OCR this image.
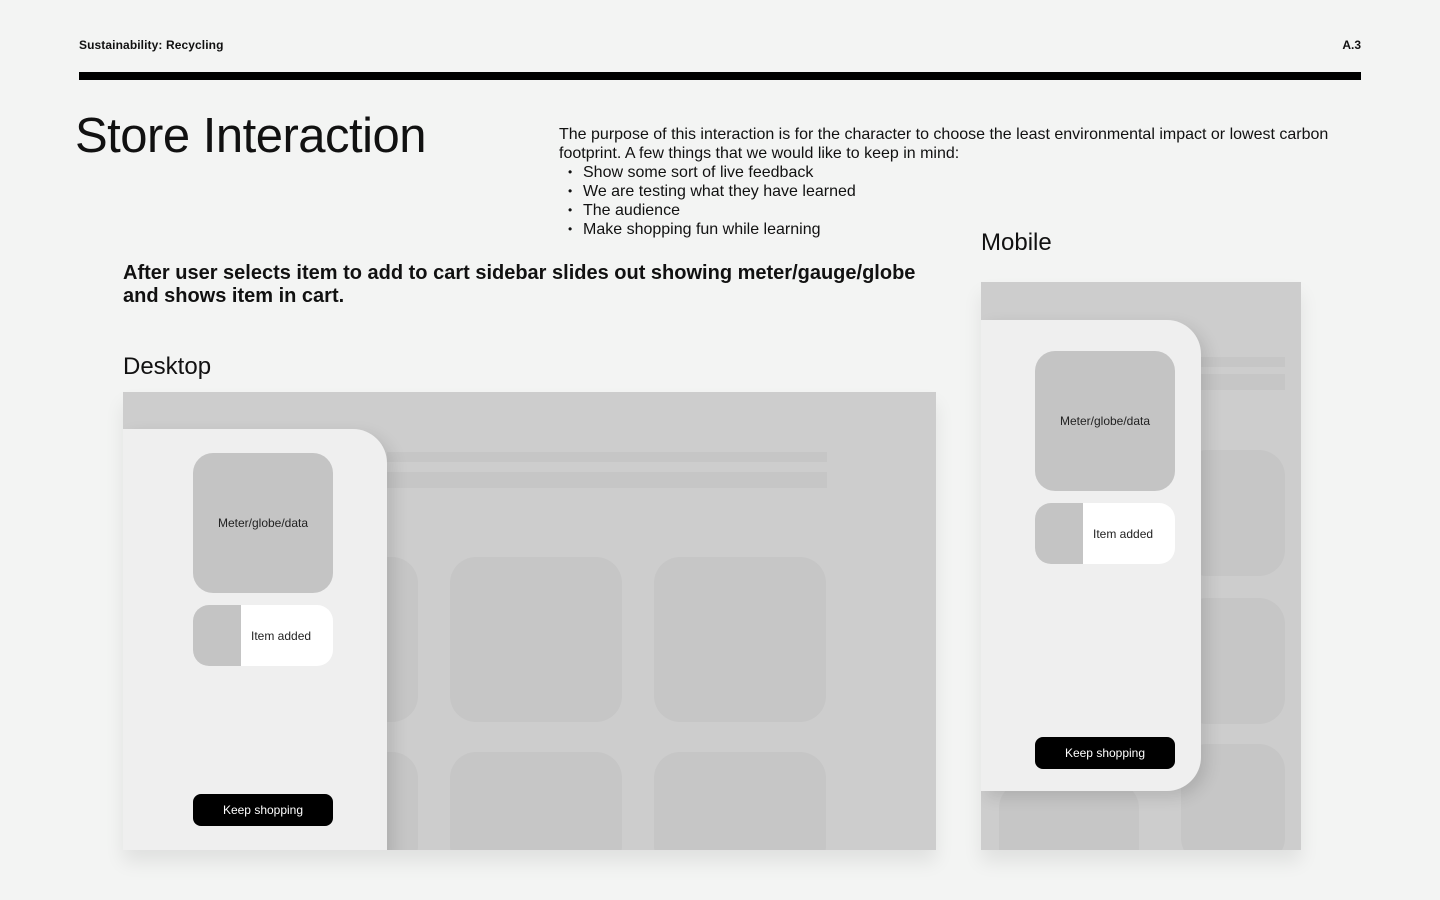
Sustainability: Recycling	A.3
Store Interaction	The purpose of this interaction is for the character to choose the least environmental impact or lowest carbon footprint. A few things that we would like to keep in mind:

• Show some sort of live feedback
• We are testing what they have learned
• The audience
• Make shopping fun while learning
After user selects item to add to cart sidebar slides out showing meter/gauge/globe and shows item in cart.
Desktop
Mobile
Meter/globe/data
Item added
Keep shopping
Meter/globe/data
Item added
Keep shopping
